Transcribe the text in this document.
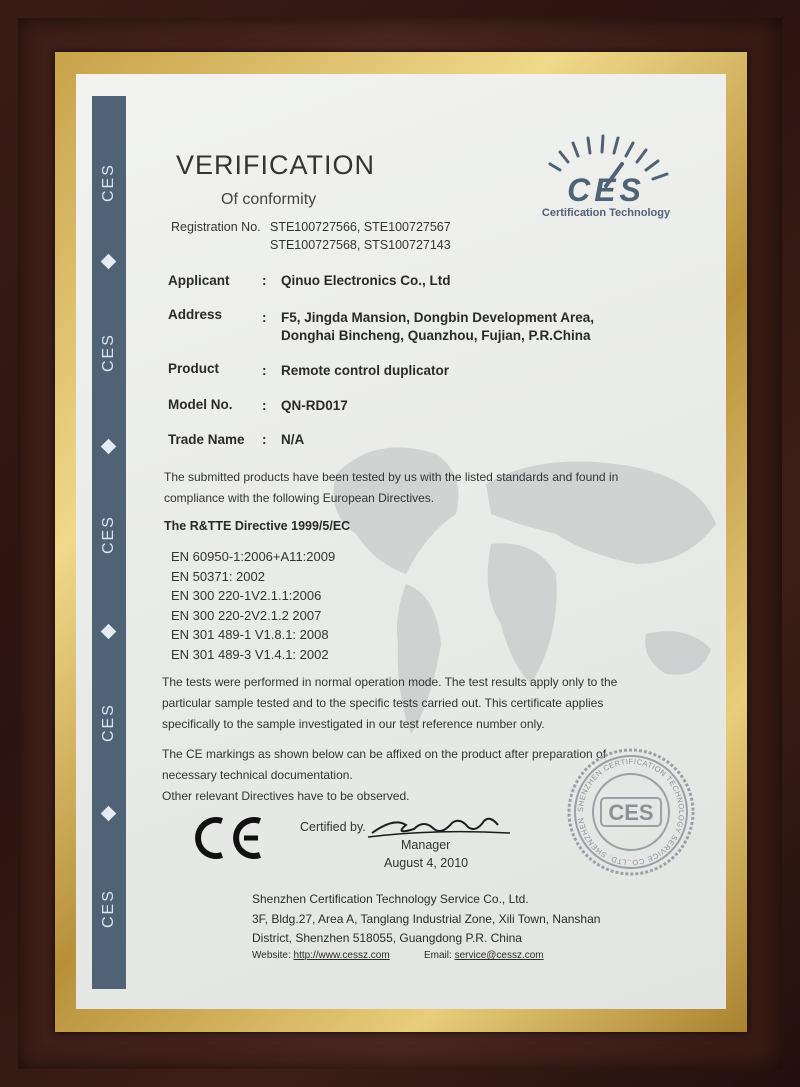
CES
CES
CES
CES
CES
CES
Certification Technology
VERIFICATION
Of conformity
Registration No. STE100727566, STE100727567
STE100727568, STS100727143
Applicant : Qinuo Electronics Co., Ltd
Address	: F5, Jingda Mansion, Dongbin Development Area,
Donghai Bincheng, Quanzhou, Fujian, P.R.China
Product	: Remote control duplicator
Model No. : QN-RD017
Trade Name : N/A
The submitted products have been tested by us with the listed standards and found in
compliance with the following European Directives.
The R&TTE Directive 1999/5/EC
EN 60950-1:2006+A11:2009
EN 50371: 2002
EN 300 220-1V2.1.1:2006
EN 300 220-2V2.1.2 2007
EN 301 489-1 V1.8.1: 2008
EN 301 489-3 V1.4.1: 2002
The tests were performed in normal operation mode. The test results apply only to the
particular sample tested and to the specific tests carried out. This certificate applies
specifically to the sample investigated in our test reference number only.
The CE markings as shown below can be affixed on the product after preparation of
necessary technical documentation.
Other relevant Directives have to be observed.
Certified by.
Manager
August 4, 2010
SHENZHEN CERTIFICATION TECHNOLOGY SERVICE CO.,LTD. SHENZHEN	CES
Shenzhen Certification Technology Service Co., Ltd.
3F, Bldg.27, Area A, Tanglang Industrial Zone, Xili Town, Nanshan
District, Shenzhen 518055, Guangdong P.R. China
Website: http://www.cessz.com	Email: service@cessz.com
